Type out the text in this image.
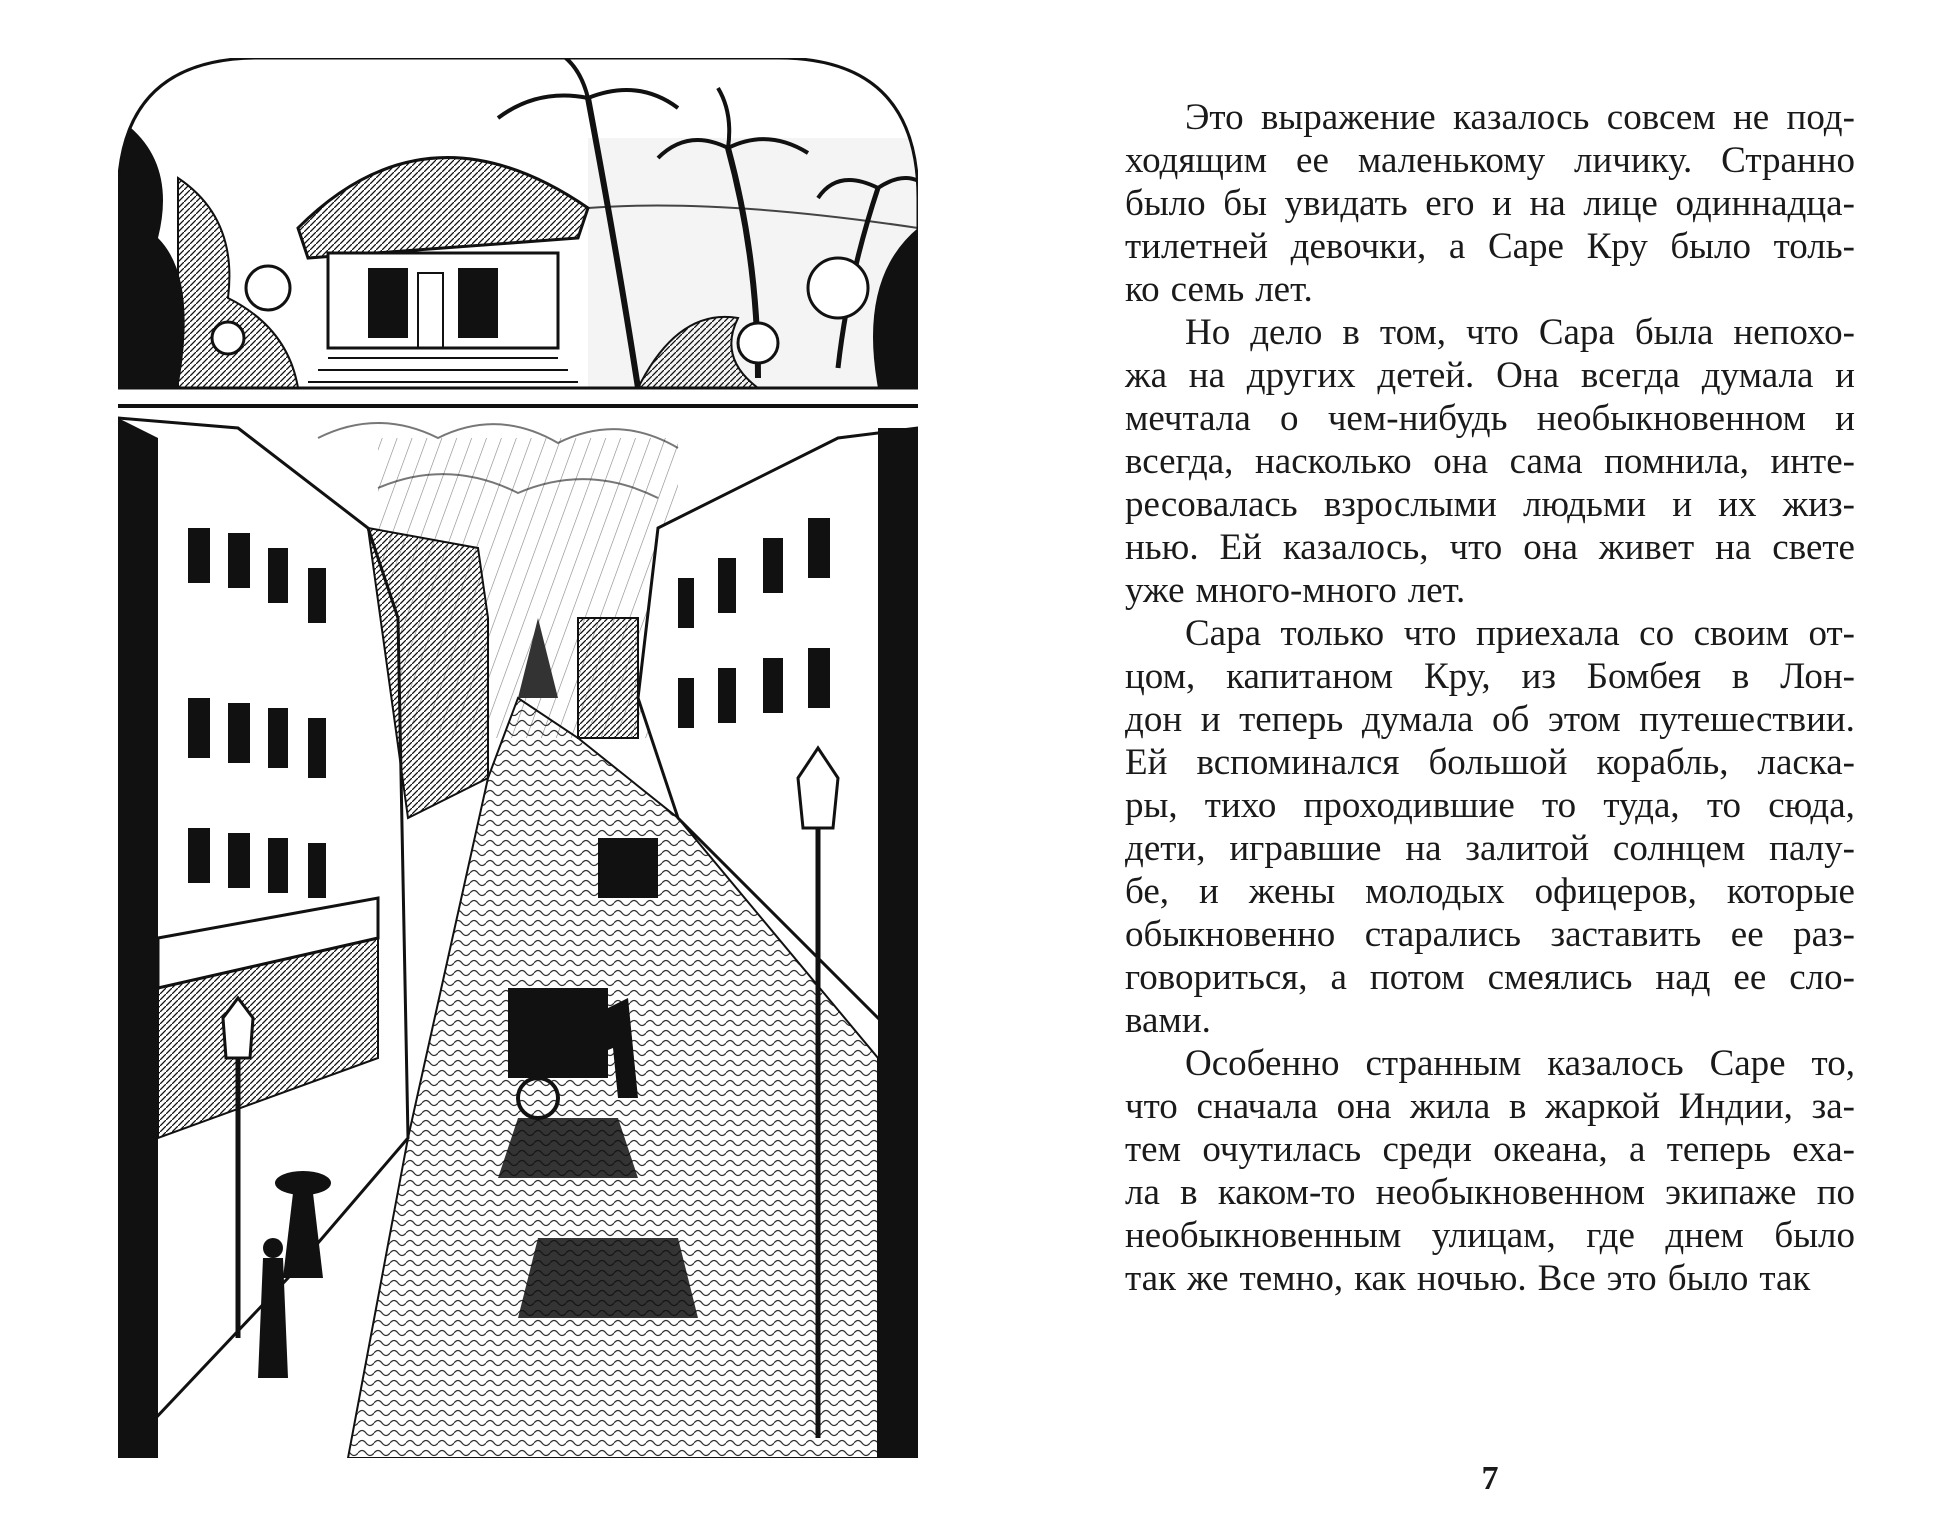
Это выражение казалось совсем не под-
ходящим ее маленькому личику. Странно
было бы увидать его и на лице одиннадца-
тилетней девочки, а Саре Кру было толь-
ко семь лет.
Но дело в том, что Сара была непохо-
жа на других детей. Она всегда думала и
мечтала о чем-нибудь необыкновенном и
всегда, насколько она сама помнила, инте-
ресовалась взрослыми людьми и их жиз-
нью. Ей казалось, что она живет на свете
уже много-много лет.
Сара только что приехала со своим от-
цом, капитаном Кру, из Бомбея в Лон-
дон и теперь думала об этом путешествии.
Ей вспоминался большой корабль, ласка-
ры, тихо проходившие то туда, то сюда,
дети, игравшие на залитой солнцем палу-
бе, и жены молодых офицеров, которые
обыкновенно старались заставить ее раз-
говориться, а потом смеялись над ее сло-
вами.
Особенно странным казалось Саре то,
что сначала она жила в жаркой Индии, за-
тем очутилась среди океана, а теперь еха-
ла в каком-то необыкновенном экипаже по
необыкновенным улицам, где днем было
так же темно, как ночью. Все это было так
7
